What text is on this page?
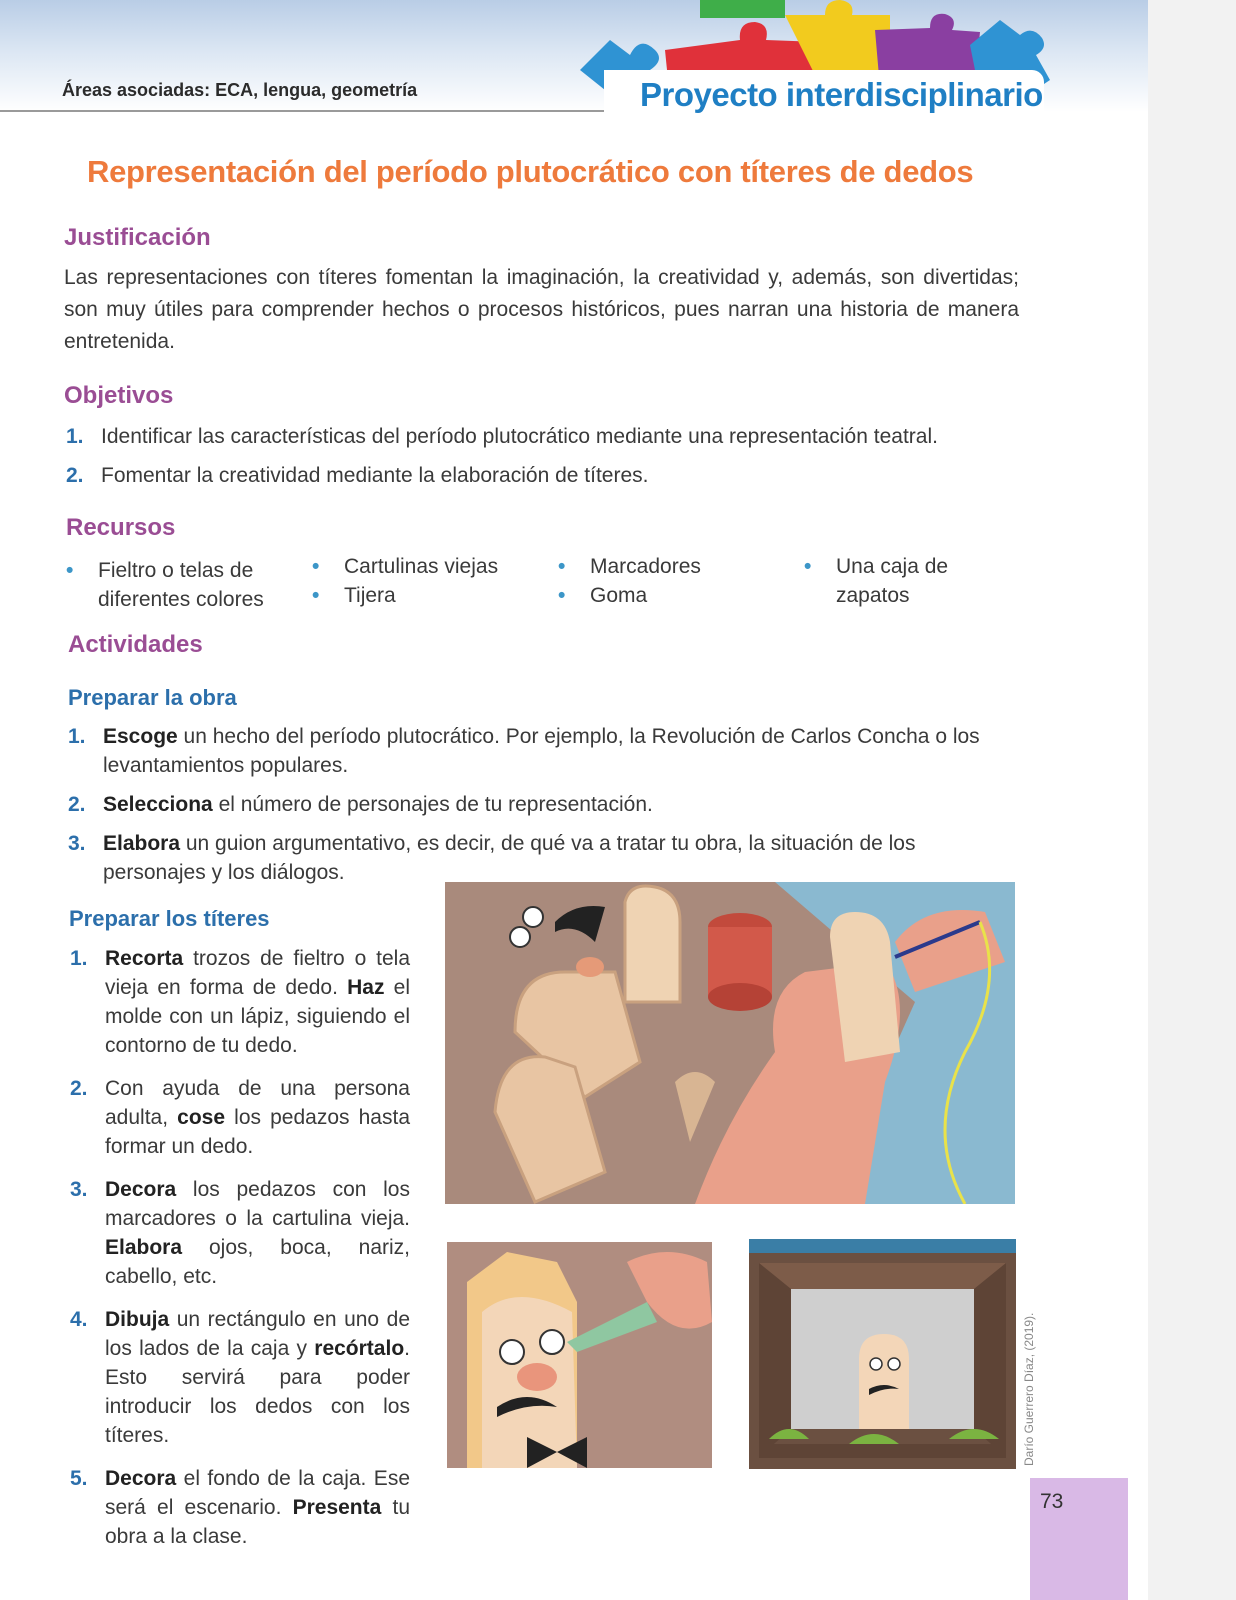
Áreas asociadas: ECA, lengua, geometría	Proyecto interdisciplinario
Representación del período plutocrático con títeres de dedos
Justificación
Las representaciones con títeres fomentan la imaginación, la creatividad y, además, son divertidas; son muy útiles para comprender hechos o procesos históricos, pues narran una historia de manera entretenida.
Objetivos
1. Identificar las características del período plutocrático mediante una representación teatral.
2. Fomentar la creatividad mediante la elaboración de títeres.
Recursos
• Fieltro o telas de diferentes colores
• Cartulinas viejas
• Tijera
• Marcadores
• Goma
• Una caja de zapatos
Actividades
Preparar la obra
1. Escoge un hecho del período plutocrático. Por ejemplo, la Revolución de Carlos Concha o los levantamientos populares.
2. Selecciona el número de personajes de tu representación.
3. Elabora un guion argumentativo, es decir, de qué va a tratar tu obra, la situación de los personajes y los diálogos.
Preparar los títeres
1. Recorta trozos de fieltro o tela vieja en forma de dedo. Haz el molde con un lápiz, siguiendo el contorno de tu dedo.
2. Con ayuda de una persona adulta, cose los pedazos hasta formar un dedo.
3. Decora los pedazos con los marcadores o la cartulina vieja. Elabora ojos, boca, nariz, cabello, etc.
4. Dibuja un rectángulo en uno de los lados de la caja y recórtalo. Esto servirá para poder introducir los dedos con los títeres.
5. Decora el fondo de la caja. Ese será el escenario. Presenta tu obra a la clase.
Darío Guerrero Díaz, (2019).
73
